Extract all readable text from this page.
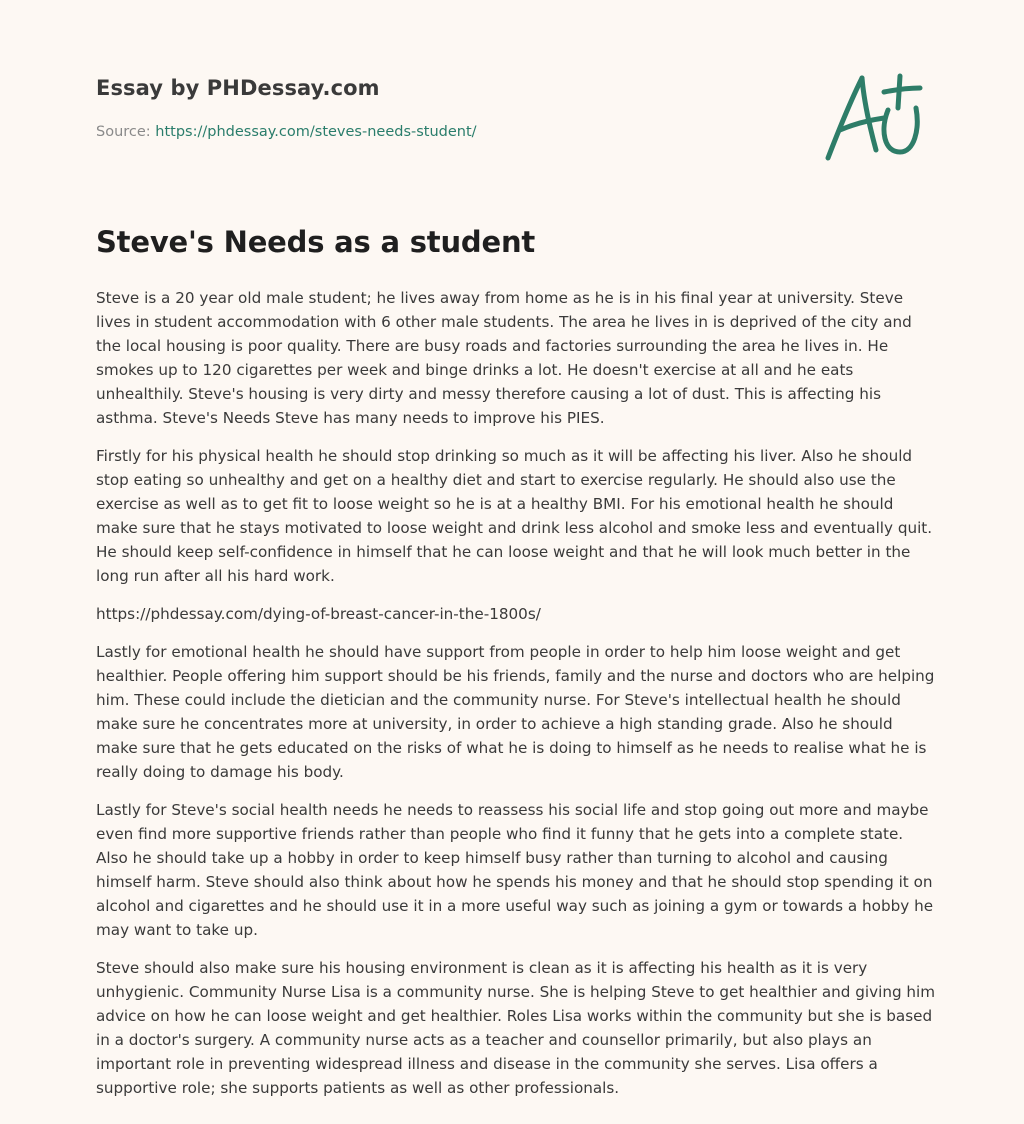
Essay by PHDessay.com
Source: https://phdessay.com/steves-needs-student/
Steve's Needs as a student

Steve is a 20 year old male student; he lives away from home as he is in his final year at university. Steve lives in student accommodation with 6 other male students. The area he lives in is deprived of the city and the local housing is poor quality. There are busy roads and factories surrounding the area he lives in. He smokes up to 120 cigarettes per week and binge drinks a lot. He doesn't exercise at all and he eats unhealthily. Steve's housing is very dirty and messy therefore causing a lot of dust. This is affecting his asthma. Steve's Needs Steve has many needs to improve his PIES.

Firstly for his physical health he should stop drinking so much as it will be affecting his liver. Also he should stop eating so unhealthy and get on a healthy diet and start to exercise regularly. He should also use the exercise as well as to get fit to loose weight so he is at a healthy BMI. For his emotional health he should make sure that he stays motivated to loose weight and drink less alcohol and smoke less and eventually quit. He should keep self-confidence in himself that he can loose weight and that he will look much better in the long run after all his hard work.

https://phdessay.com/dying-of-breast-cancer-in-the-1800s/

Lastly for emotional health he should have support from people in order to help him loose weight and get healthier. People offering him support should be his friends, family and the nurse and doctors who are helping him. These could include the dietician and the community nurse. For Steve's intellectual health he should make sure he concentrates more at university, in order to achieve a high standing grade. Also he should make sure that he gets educated on the risks of what he is doing to himself as he needs to realise what he is really doing to damage his body.

Lastly for Steve's social health needs he needs to reassess his social life and stop going out more and maybe even find more supportive friends rather than people who find it funny that he gets into a complete state. Also he should take up a hobby in order to keep himself busy rather than turning to alcohol and causing himself harm. Steve should also think about how he spends his money and that he should stop spending it on alcohol and cigarettes and he should use it in a more useful way such as joining a gym or towards a hobby he may want to take up.

Steve should also make sure his housing environment is clean as it is affecting his health as it is very unhygienic. Community Nurse Lisa is a community nurse. She is helping Steve to get healthier and giving him advice on how he can loose weight and get healthier. Roles Lisa works within the community but she is based in a doctor's surgery. A community nurse acts as a teacher and counsellor primarily, but also plays an important role in preventing widespread illness and disease in the community she serves. Lisa offers a supportive role; she supports patients as well as other professionals.
